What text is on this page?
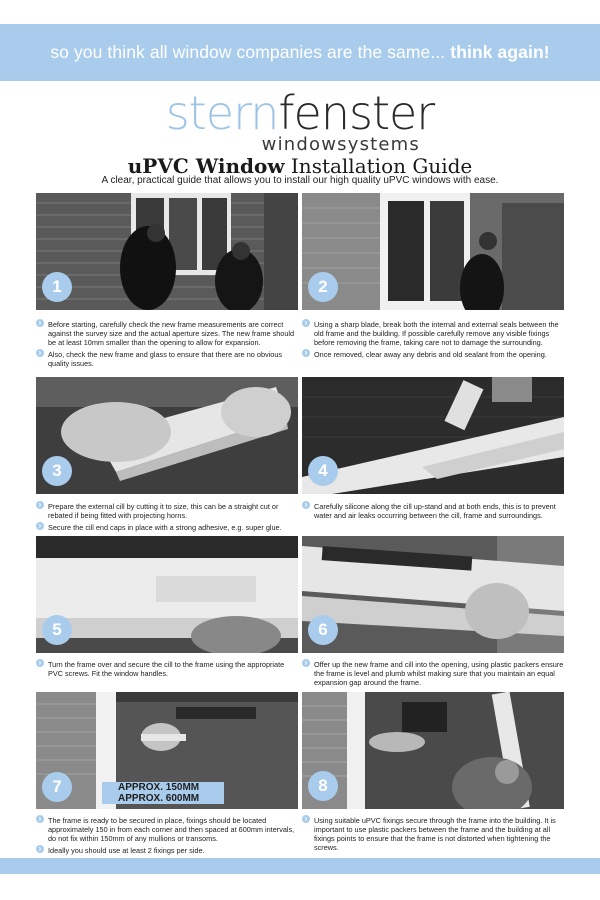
so you think all window companies are the same... think again!
sternfenster
windowsystems
uPVC Window Installation Guide
A clear, practical guide that allows you to install our high quality uPVC windows with ease.
1

› Before starting, carefully check the new frame measurements are correct against the survey size and the actual aperture sizes. The new frame should be at least 10mm smaller than the opening to allow for expansion.

› Also, check the new frame and glass to ensure that there are no obvious quality issues.

2

› Using a sharp blade, break both the internal and external seals between the old frame and the building. If possible carefully remove any visible fixings before removing the frame, taking care not to damage the surrounding.

› Once removed, clear away any debris and old sealant from the opening.

3

› Prepare the external cill by cutting it to size, this can be a straight cut or rebated if being fitted with projecting horns.

› Secure the cill end caps in place with a strong adhesive, e.g. super glue.

4

› Carefully silicone along the cill up-stand and at both ends, this is to prevent water and air leaks occurring between the cill, frame and surroundings.

5

› Turn the frame over and secure the cill to the frame using the appropriate PVC screws. Fit the window handles.

6

› Offer up the new frame and cill into the opening, using plastic packers ensure the frame is level and plumb whilst making sure that you maintain an equal expansion gap around the frame.

7	APPROX. 150MM
APPROX. 600MM

› The frame is ready to be secured in place, fixings should be located approximately 150 in from each corner and then spaced at 600mm intervals, do not fix within 150mm of any mullions or transoms.

› Ideally you should use at least 2 fixings per side.

8

› Using suitable uPVC fixings secure through the frame into the building. It is important to use plastic packers between the frame and the building at all fixings points to ensure that the frame is not distorted when tightening the screws.
